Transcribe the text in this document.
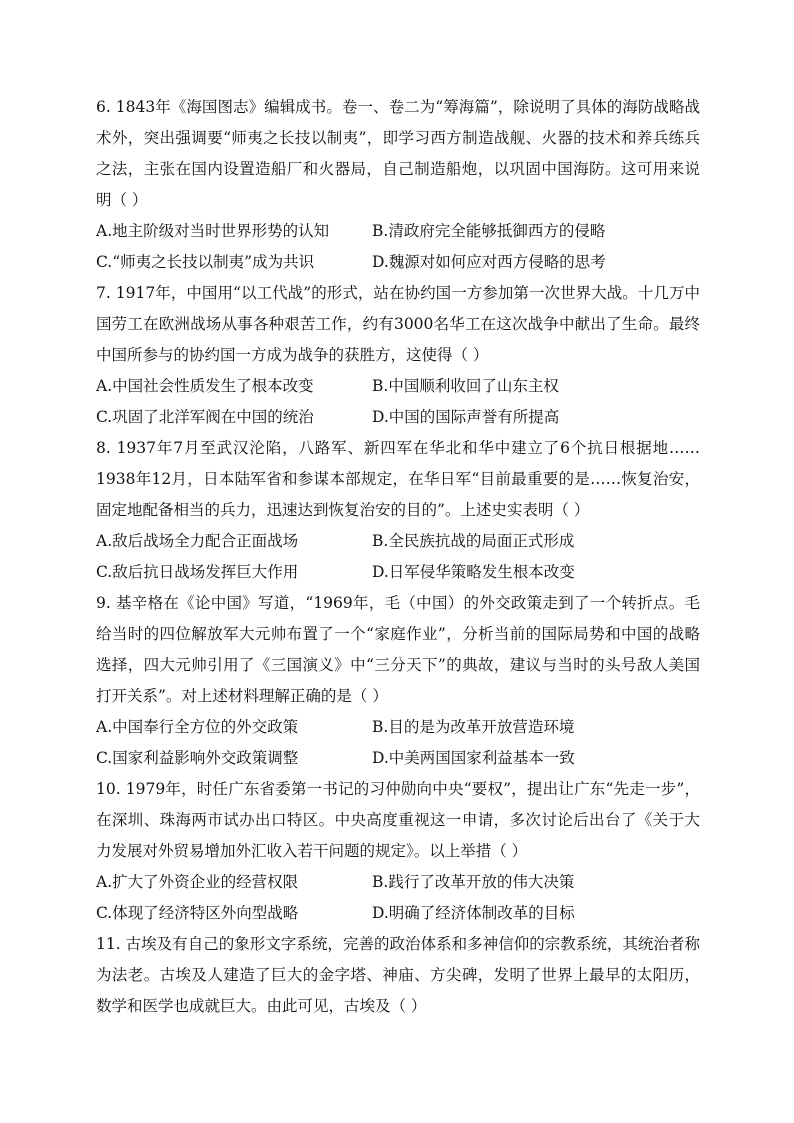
6. 1843年《海国图志》编辑成书。卷一、卷二为“筹海篇”，除说明了具体的海防战略战术外，突出强调要“师夷之长技以制夷”，即学习西方制造战舰、火器的技术和养兵练兵之法，主张在国内设置造船厂和火器局，自己制造船炮，以巩固中国海防。这可用来说明（ ）

A.地主阶级对当时世界形势的认知	B.清政府完全能够抵御西方的侵略
C.“师夷之长技以制夷”成为共识	D.魏源对如何应对西方侵略的思考

7. 1917年，中国用“以工代战”的形式，站在协约国一方参加第一次世界大战。十几万中国劳工在欧洲战场从事各种艰苦工作，约有3000名华工在这次战争中献出了生命。最终中国所参与的协约国一方成为战争的获胜方，这使得（ ）

A.中国社会性质发生了根本改变	B.中国顺利收回了山东主权
C.巩固了北洋军阀在中国的统治	D.中国的国际声誉有所提高

8. 1937年7月至武汉沦陷，八路军、新四军在华北和华中建立了6个抗日根据地……1938年12月，日本陆军省和参谋本部规定，在华日军“目前最重要的是……恢复治安，固定地配备相当的兵力，迅速达到恢复治安的目的”。上述史实表明（ ）

A.敌后战场全力配合正面战场	B.全民族抗战的局面正式形成
C.敌后抗日战场发挥巨大作用	D.日军侵华策略发生根本改变

9. 基辛格在《论中国》写道，“1969年，毛（中国）的外交政策走到了一个转折点。毛给当时的四位解放军大元帅布置了一个“家庭作业”，分析当前的国际局势和中国的战略选择，四大元帅引用了《三国演义》中“三分天下”的典故，建议与当时的头号敌人美国打开关系”。对上述材料理解正确的是（ ）

A.中国奉行全方位的外交政策	B.目的是为改革开放营造环境
C.国家利益影响外交政策调整	D.中美两国国家利益基本一致

10. 1979年，时任广东省委第一书记的习仲勋向中央“要权”，提出让广东“先走一步”，在深圳、珠海两市试办出口特区。中央高度重视这一申请，多次讨论后出台了《关于大力发展对外贸易增加外汇收入若干问题的规定》。以上举措（ ）

A.扩大了外资企业的经营权限	B.践行了改革开放的伟大决策
C.体现了经济特区外向型战略	D.明确了经济体制改革的目标

11. 古埃及有自己的象形文字系统，完善的政治体系和多神信仰的宗教系统，其统治者称为法老。古埃及人建造了巨大的金字塔、神庙、方尖碑，发明了世界上最早的太阳历，数学和医学也成就巨大。由此可见，古埃及（ ）
